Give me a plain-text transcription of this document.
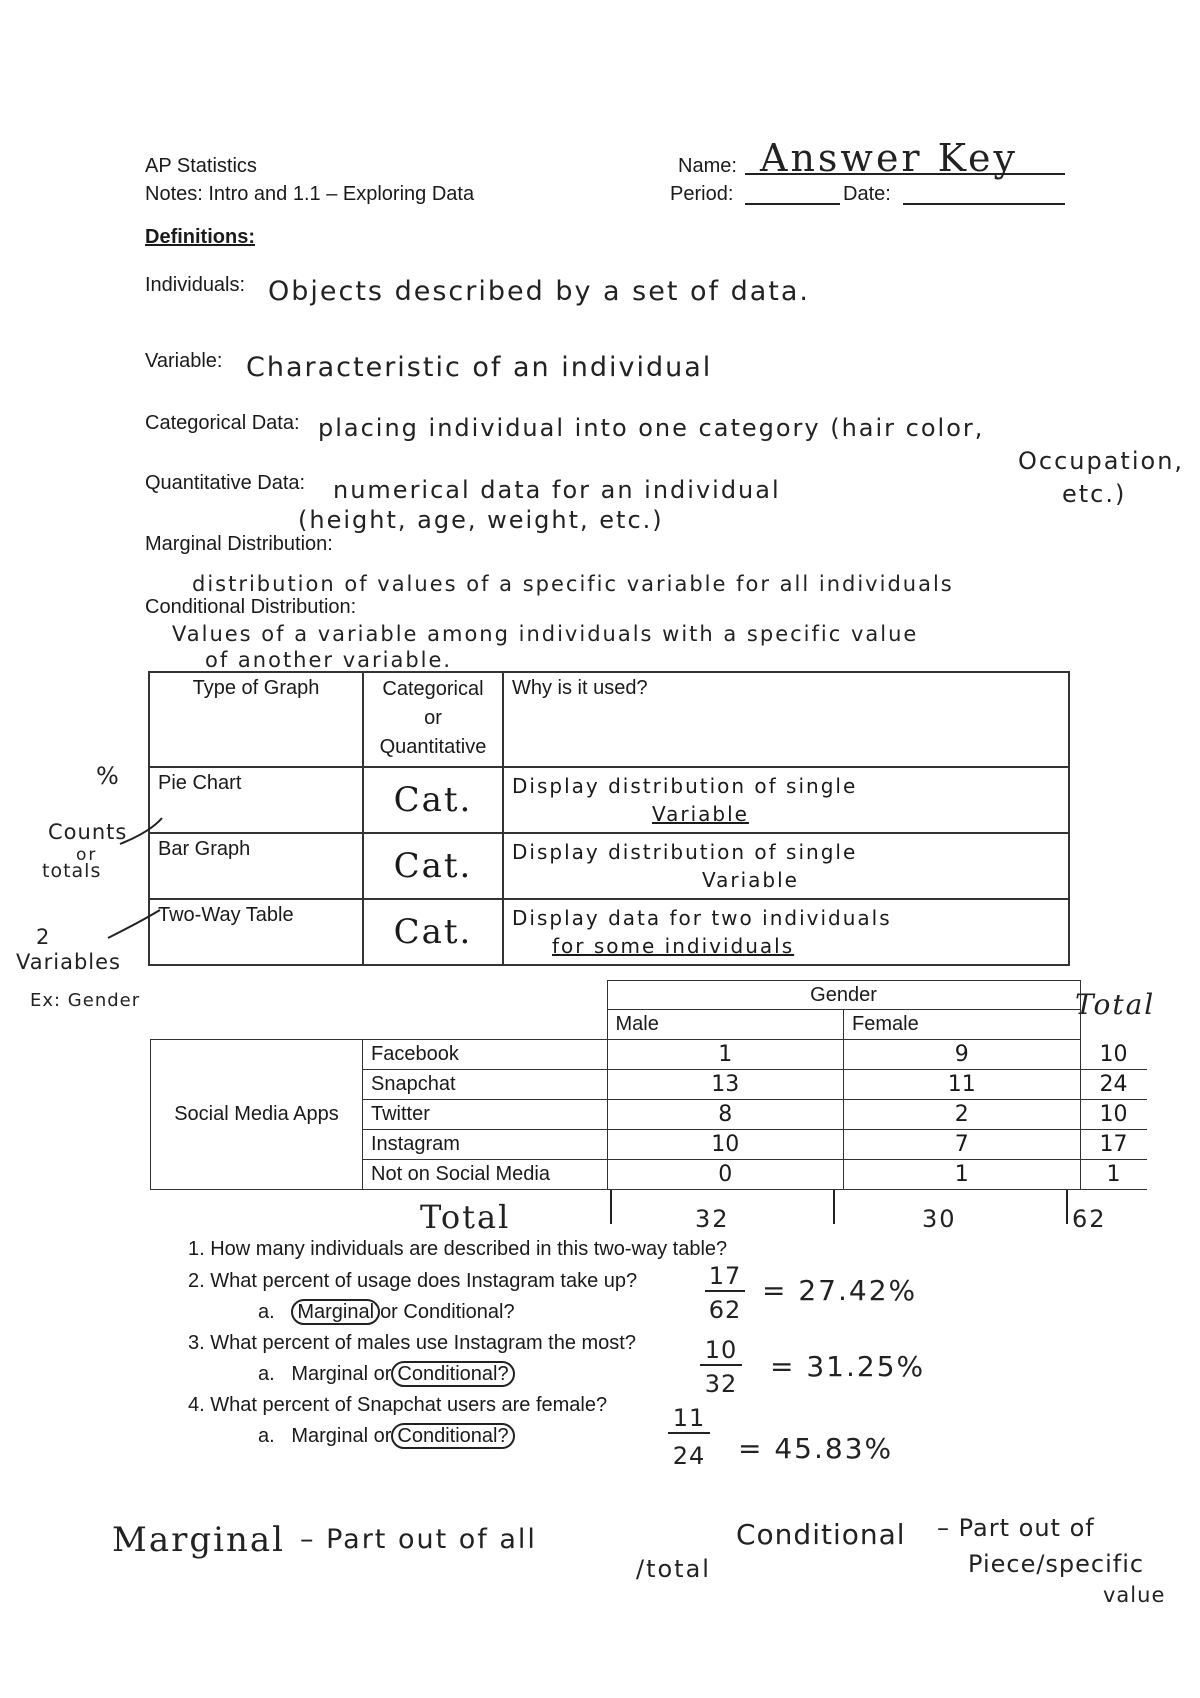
AP Statistics
Notes: Intro and 1.1 – Exploring Data
Name: Answer Key
Period:	Date:
Definitions:
Individuals: Objects described by a set of data.
Variable: Characteristic of an individual
Categorical Data: placing individual into one category (hair color,
Occupation,
etc.)
Quantitative Data: numerical data for an individual
(height, age, weight, etc.)
Marginal Distribution:
distribution of values of a specific variable for all individuals
Conditional Distribution:
Values of a variable among individuals with a specific value
of another variable.
Type of Graph	Categorical
or
Quantitative	Why is it used?
Pie Chart	Cat.	Display distribution of single
Variable

Bar Graph	Cat.	Display distribution of single
Variable

Two-Way Table	Cat.	Display data for two individuals
for some individuals
%
Counts
or
totals
2
Variables
Ex: Gender
			Gender		
		Male	Female	
Social Media Apps	Facebook	1	9	10
	Snapchat	13	11	24
	Twitter	8	2	10
	Instagram	10	7	17
	Not on Social Media	0	1	1
Total
Total	32	30	62
1. How many individuals are described in this two-way table?
2. What percent of usage does Instagram take up?
a. Marginal or Conditional?
17
62
= 27.42%
3. What percent of males use Instagram the most?
a. Marginal or Conditional?
10
32
= 31.25%
4. What percent of Snapchat users are female?
a. Marginal or Conditional?
11
24 = 45.83%
Marginal – Part out of all
/total
Conditional – Part out of
Piece/specific
value
